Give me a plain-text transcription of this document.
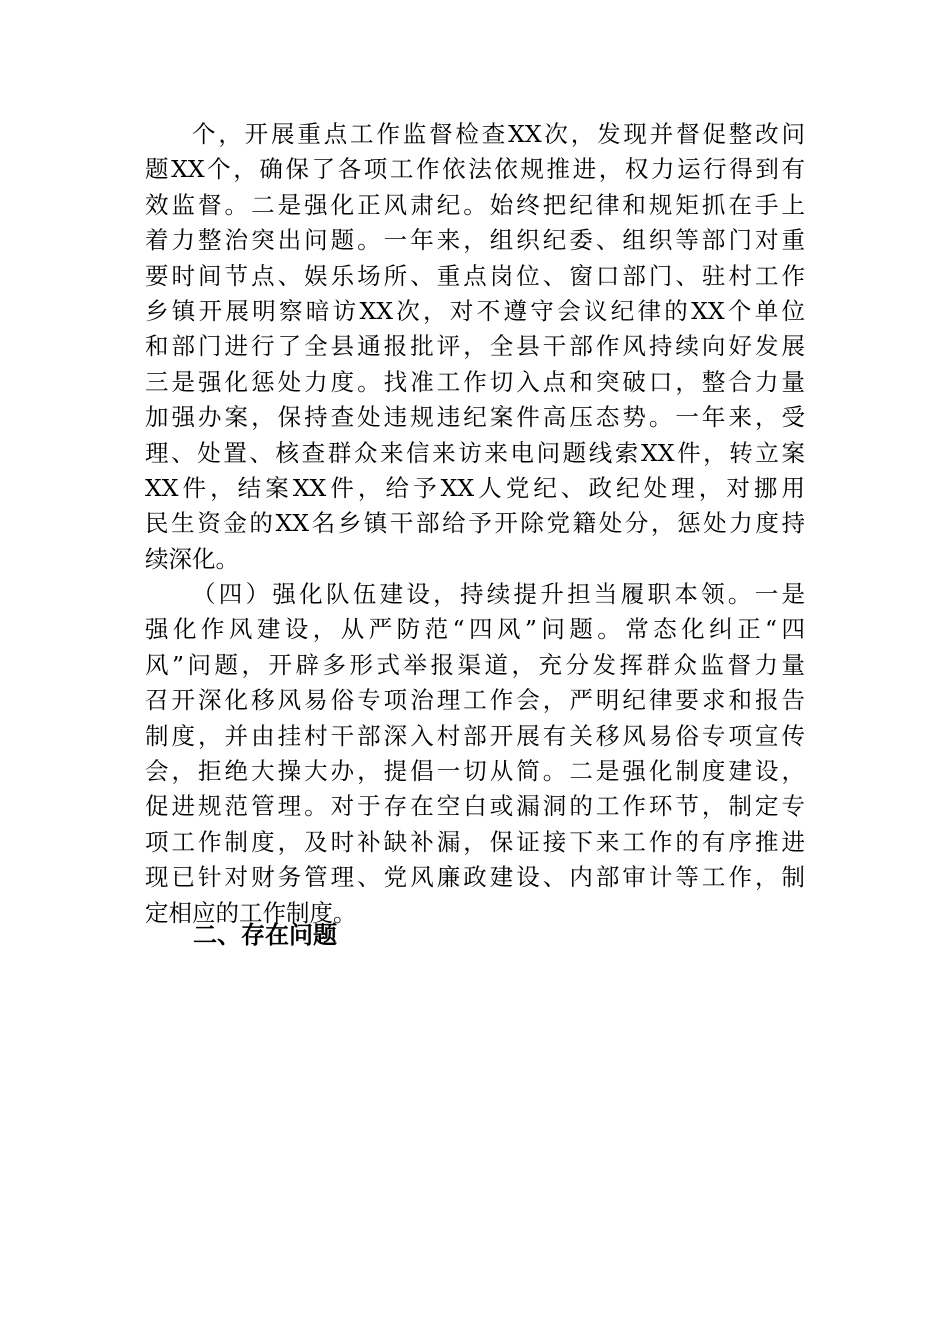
个，开展重点工作监督检查XX次，发现并督促整改问
题XX个，确保了各项工作依法依规推进，权力运行得到有
效监督。二是强化正风肃纪。始终把纪律和规矩抓在手上
着力整治突出问题。一年来，组织纪委、组织等部门对重
要时间节点、娱乐场所、重点岗位、窗口部门、驻村工作
乡镇开展明察暗访XX次，对不遵守会议纪律的XX个单位
和部门进行了全县通报批评，全县干部作风持续向好发展
三是强化惩处力度。找准工作切入点和突破口，整合力量
加强办案，保持查处违规违纪案件高压态势。一年来，受
理、处置、核查群众来信来访来电问题线索XX件，转立案
XX件，结案XX件，给予XX人党纪、政纪处理，对挪用
民生资金的XX名乡镇干部给予开除党籍处分，惩处力度持
续深化。
（四）强化队伍建设，持续提升担当履职本领。一是
强化作风建设，从严防范“四风”问题。常态化纠正“四
风”问题，开辟多形式举报渠道，充分发挥群众监督力量
召开深化移风易俗专项治理工作会，严明纪律要求和报告
制度，并由挂村干部深入村部开展有关移风易俗专项宣传
会，拒绝大操大办，提倡一切从简。二是强化制度建设，
促进规范管理。对于存在空白或漏洞的工作环节，制定专
项工作制度，及时补缺补漏，保证接下来工作的有序推进
现已针对财务管理、党风廉政建设、内部审计等工作，制
定相应的工作制度。
二、存在问题
